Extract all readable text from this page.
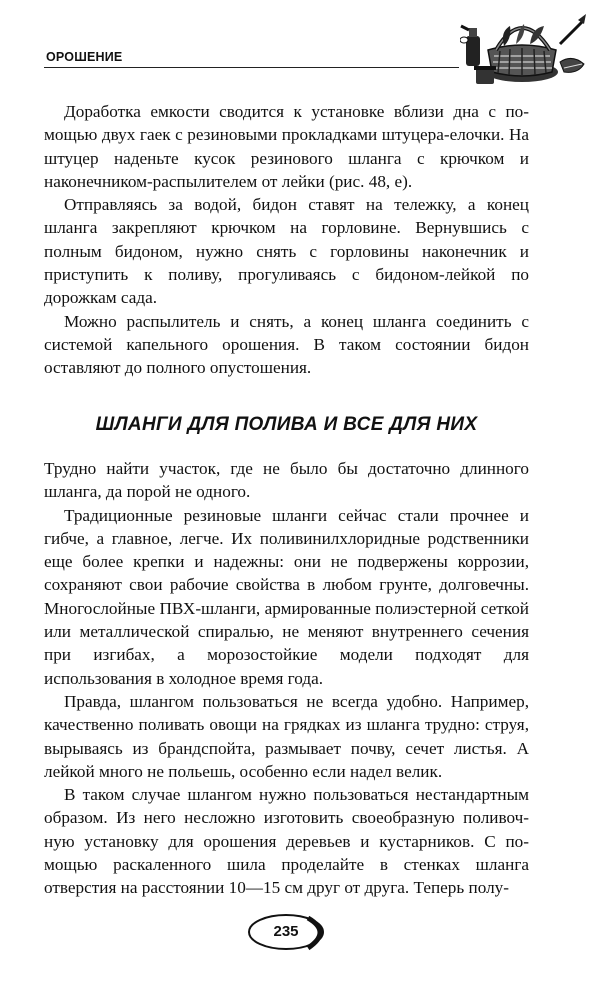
ОРОШЕНИЕ

Доработка емкости сводится к установке вблизи дна с помощью двух гаек с резиновыми прокладками штуцера-елочки. На штуцер наденьте кусок резинового шланга с крючком и наконечником-распылителем от лейки (рис. 48, е).

Отправляясь за водой, бидон ставят на тележку, а конец шланга закрепляют крючком на горловине. Вернувшись с полным бидоном, нужно снять с горловины наконечник и приступить к поливу, прогуливаясь с бидоном-лейкой по дорожкам сада.

Можно распылитель и снять, а конец шланга соединить с системой капельного орошения. В таком состоянии бидон оставляют до полного опустошения.

ШЛАНГИ ДЛЯ ПОЛИВА И ВСЕ ДЛЯ НИХ

Трудно найти участок, где не было бы достаточно длинного шланга, да порой не одного.

Традиционные резиновые шланги сейчас стали прочнее и гибче, а главное, легче. Их поливинилхлоридные родственники еще более крепки и надежны: они не подвержены коррозии, сохраняют свои рабочие свойства в любом грунте, долговечны. Многослойные ПВХ-шланги, армированные полиэстерной сеткой или металлической спиралью, не меняют внутреннего сечения при изгибах, а морозостойкие модели подходят для использования в холодное время года.

Правда, шлангом пользоваться не всегда удобно. Например, качественно поливать овощи на грядках из шланга трудно: струя, вырываясь из брандспойта, размывает почву, сечет листья. А лейкой много не польешь, особенно если надел велик.

В таком случае шлангом нужно пользоваться нестандартным образом. Из него несложно изготовить своеобразную поливочную установку для орошения деревьев и кустарников. С помощью раскаленного шила проделайте в стенках шланга отверстия на расстоянии 10—15 см друг от друга. Теперь полу-

235
